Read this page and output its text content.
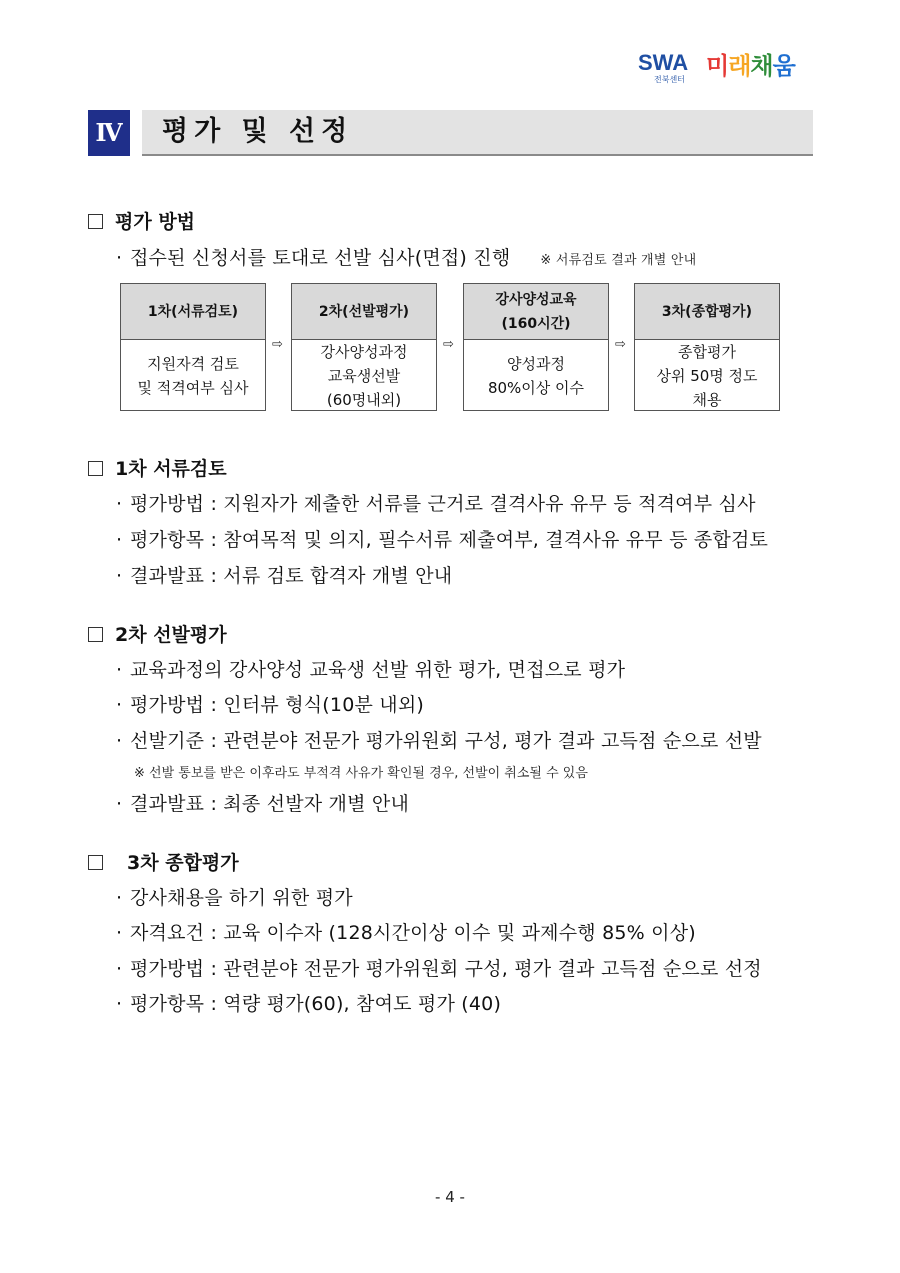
SWA
전북센터 미래채움
Ⅳ 평가 및 선정
평가 방법
· 접수된 신청서를 토대로 선발 심사(면접) 진행 ※ 서류검토 결과 개별 안내
1차(서류검토)
지원자격 검토
및 적격여부 심사
⇨
2차(선발평가)
강사양성과정
교육생선발
(60명내외)
⇨
강사양성교육
(160시간)
양성과정
80%이상 이수
⇨
3차(종합평가)
종합평가
상위 50명 정도
채용
1차 서류검토
· 평가방법 : 지원자가 제출한 서류를 근거로 결격사유 유무 등 적격여부 심사
· 평가항목 : 참여목적 및 의지, 필수서류 제출여부, 결격사유 유무 등 종합검토
· 결과발표 : 서류 검토 합격자 개별 안내
2차 선발평가
· 교육과정의 강사양성 교육생 선발 위한 평가, 면접으로 평가
· 평가방법 : 인터뷰 형식(10분 내외)
· 선발기준 : 관련분야 전문가 평가위원회 구성, 평가 결과 고득점 순으로 선발
※ 선발 통보를 받은 이후라도 부적격 사유가 확인될 경우, 선발이 취소될 수 있음
· 결과발표 : 최종 선발자 개별 안내
3차 종합평가
· 강사채용을 하기 위한 평가
· 자격요건 : 교육 이수자 (128시간이상 이수 및 과제수행 85% 이상)
· 평가방법 : 관련분야 전문가 평가위원회 구성, 평가 결과 고득점 순으로 선정
· 평가항목 : 역량 평가(60), 참여도 평가 (40)
- 4 -
